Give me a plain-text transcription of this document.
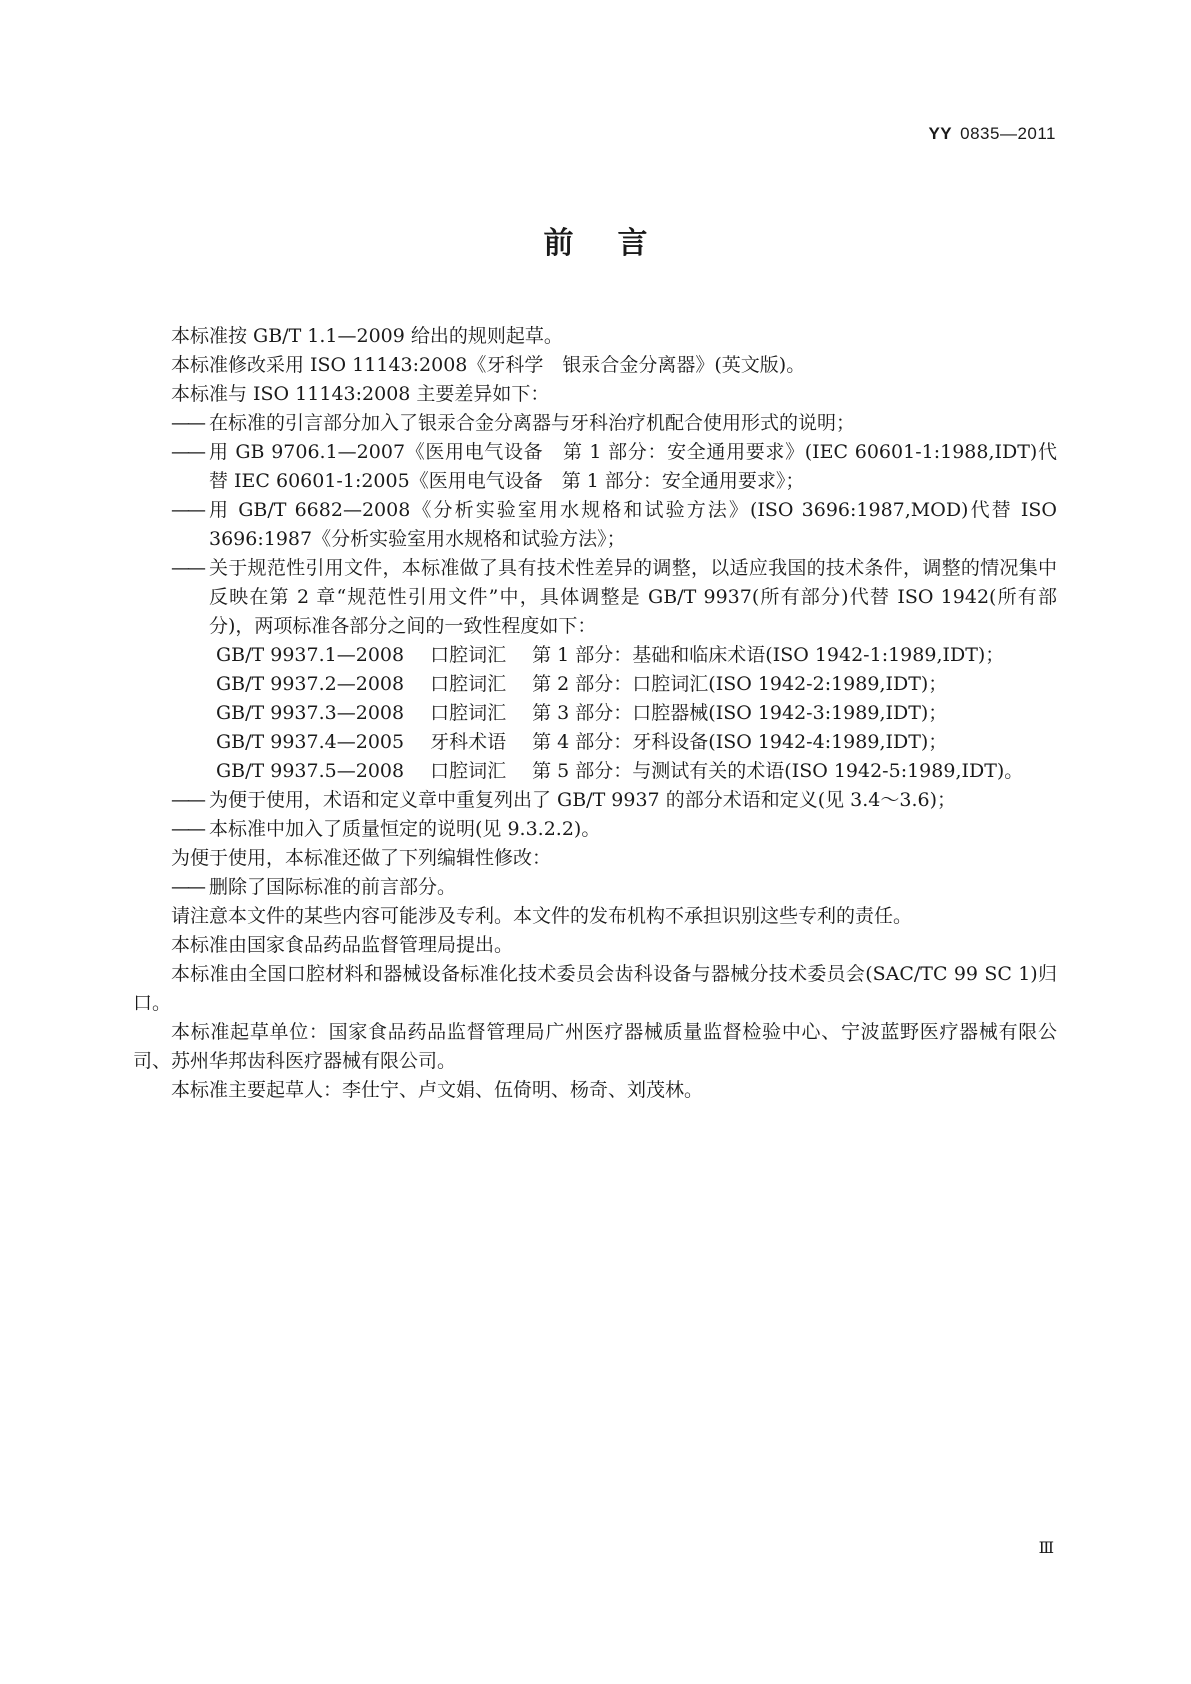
YY 0835—2011
前言

本标准按 GB/T 1.1—2009 给出的规则起草。

本标准修改采用 ISO 11143:2008《牙科学　银汞合金分离器》(英文版)。

本标准与 ISO 11143:2008 主要差异如下：

—— 在标准的引言部分加入了银汞合金分离器与牙科治疗机配合使用形式的说明；
—— 用 GB 9706.1—2007《医用电气设备　第 1 部分：安全通用要求》(IEC 60601-1:1988,IDT)代替 IEC 60601-1:2005《医用电气设备　第 1 部分：安全通用要求》；
—— 用 GB/T 6682—2008《分析实验室用水规格和试验方法》(ISO 3696:1987,MOD)代替 ISO 3696:1987《分析实验室用水规格和试验方法》；
—— 关于规范性引用文件，本标准做了具有技术性差异的调整，以适应我国的技术条件，调整的情况集中反映在第 2 章“规范性引用文件”中，具体调整是 GB/T 9937(所有部分)代替 ISO 1942(所有部分)，两项标准各部分之间的一致性程度如下：

GB/T 9937.1—2008 口腔词汇 第 1 部分：基础和临床术语(ISO 1942-1:1989,IDT)；

GB/T 9937.2—2008 口腔词汇 第 2 部分：口腔词汇(ISO 1942-2:1989,IDT)；

GB/T 9937.3—2008 口腔词汇 第 3 部分：口腔器械(ISO 1942-3:1989,IDT)；

GB/T 9937.4—2005 牙科术语 第 4 部分：牙科设备(ISO 1942-4:1989,IDT)；

GB/T 9937.5—2008 口腔词汇 第 5 部分：与测试有关的术语(ISO 1942-5:1989,IDT)。

—— 为便于使用，术语和定义章中重复列出了 GB/T 9937 的部分术语和定义(见 3.4～3.6)；
—— 本标准中加入了质量恒定的说明(见 9.3.2.2)。

为便于使用，本标准还做了下列编辑性修改：

—— 删除了国际标准的前言部分。

请注意本文件的某些内容可能涉及专利。本文件的发布机构不承担识别这些专利的责任。

本标准由国家食品药品监督管理局提出。

本标准由全国口腔材料和器械设备标准化技术委员会齿科设备与器械分技术委员会(SAC/TC 99 SC 1)归口。

本标准起草单位：国家食品药品监督管理局广州医疗器械质量监督检验中心、宁波蓝野医疗器械有限公司、苏州华邦齿科医疗器械有限公司。

本标准主要起草人：李仕宁、卢文娟、伍倚明、杨奇、刘茂林。

Ⅲ
